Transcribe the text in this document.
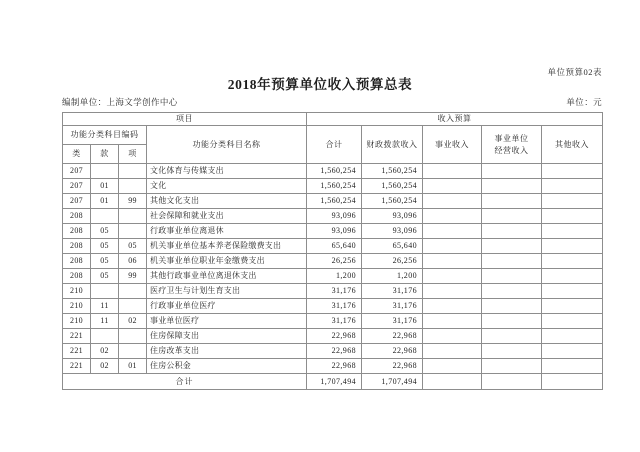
单位预算02表
2018年预算单位收入预算总表
编制单位：上海文学创作中心	单位：元
项目				收入预算				
功能分类科目编码			功能分类科目名称	合计	财政拨款收入	事业收入	事业单位经营收入	其他收入
类	款	项						
207			文化体育与传媒支出	1,560,254	1,560,254			
207	01		文化	1,560,254	1,560,254			
207	01	99	其他文化支出	1,560,254	1,560,254			
208			社会保障和就业支出	93,096	93,096			
208	05		行政事业单位离退休	93,096	93,096			
208	05	05	机关事业单位基本养老保险缴费支出	65,640	65,640			
208	05	06	机关事业单位职业年金缴费支出	26,256	26,256			
208	05	99	其他行政事业单位离退休支出	1,200	1,200			
210			医疗卫生与计划生育支出	31,176	31,176			
210	11		行政事业单位医疗	31,176	31,176			
210	11	02	事业单位医疗	31,176	31,176			
221			住房保障支出	22,968	22,968			
221	02		住房改革支出	22,968	22,968			
221	02	01	住房公积金	22,968	22,968			
合计				1,707,494	1,707,494			
